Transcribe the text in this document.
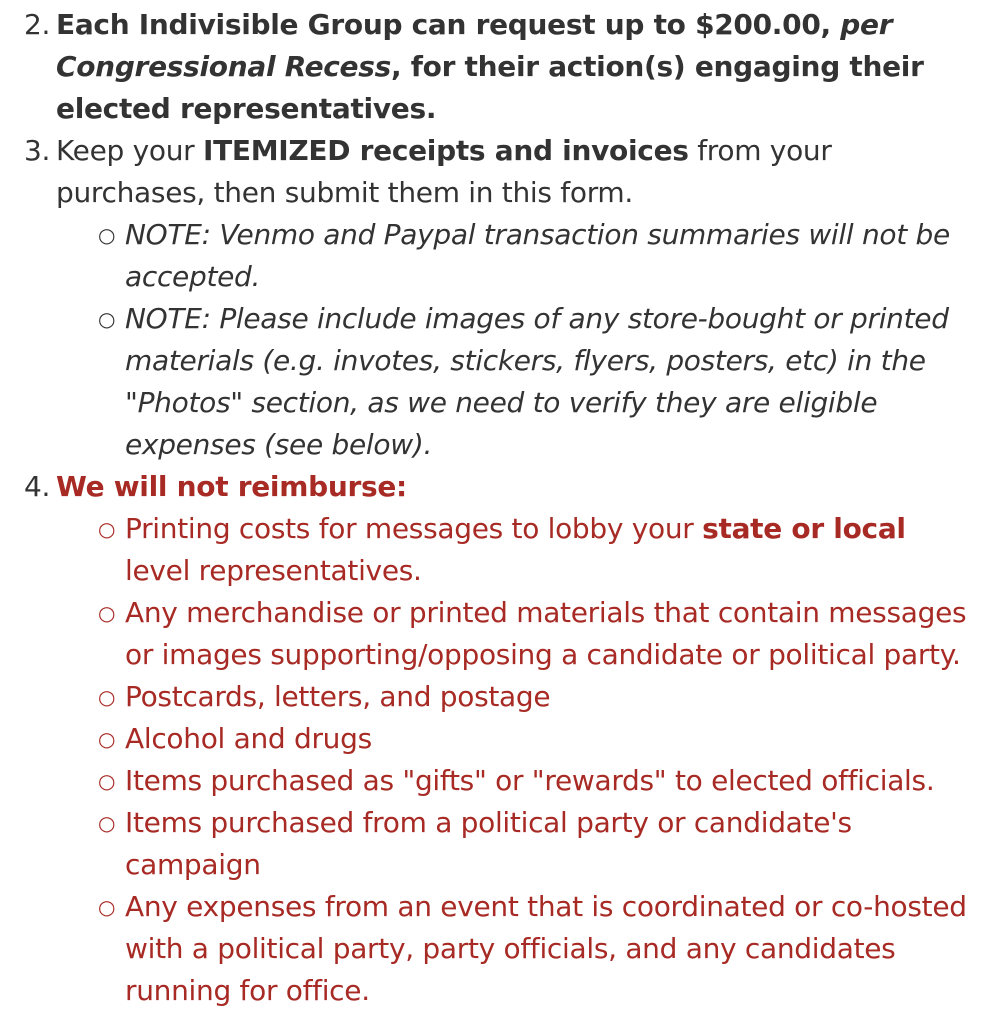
2. Each Indivisible Group can request up to $200.00, per Congressional Recess, for their action(s) engaging their elected representatives.
3. Keep your ITEMIZED receipts and invoices from your purchases, then submit them in this form.
○ NOTE: Venmo and Paypal transaction summaries will not be accepted.
○ NOTE: Please include images of any store-bought or printed materials (e.g. invotes, stickers, flyers, posters, etc) in the "Photos" section, as we need to verify they are eligible expenses (see below).
4. We will not reimburse:
○ Printing costs for messages to lobby your state or local level representatives.
○ Any merchandise or printed materials that contain messages or images supporting/opposing a candidate or political party.
○ Postcards, letters, and postage
○ Alcohol and drugs
○ Items purchased as "gifts" or "rewards" to elected officials.
○ Items purchased from a political party or candidate's campaign
○ Any expenses from an event that is coordinated or co-hosted with a political party, party officials, and any candidates running for office.
